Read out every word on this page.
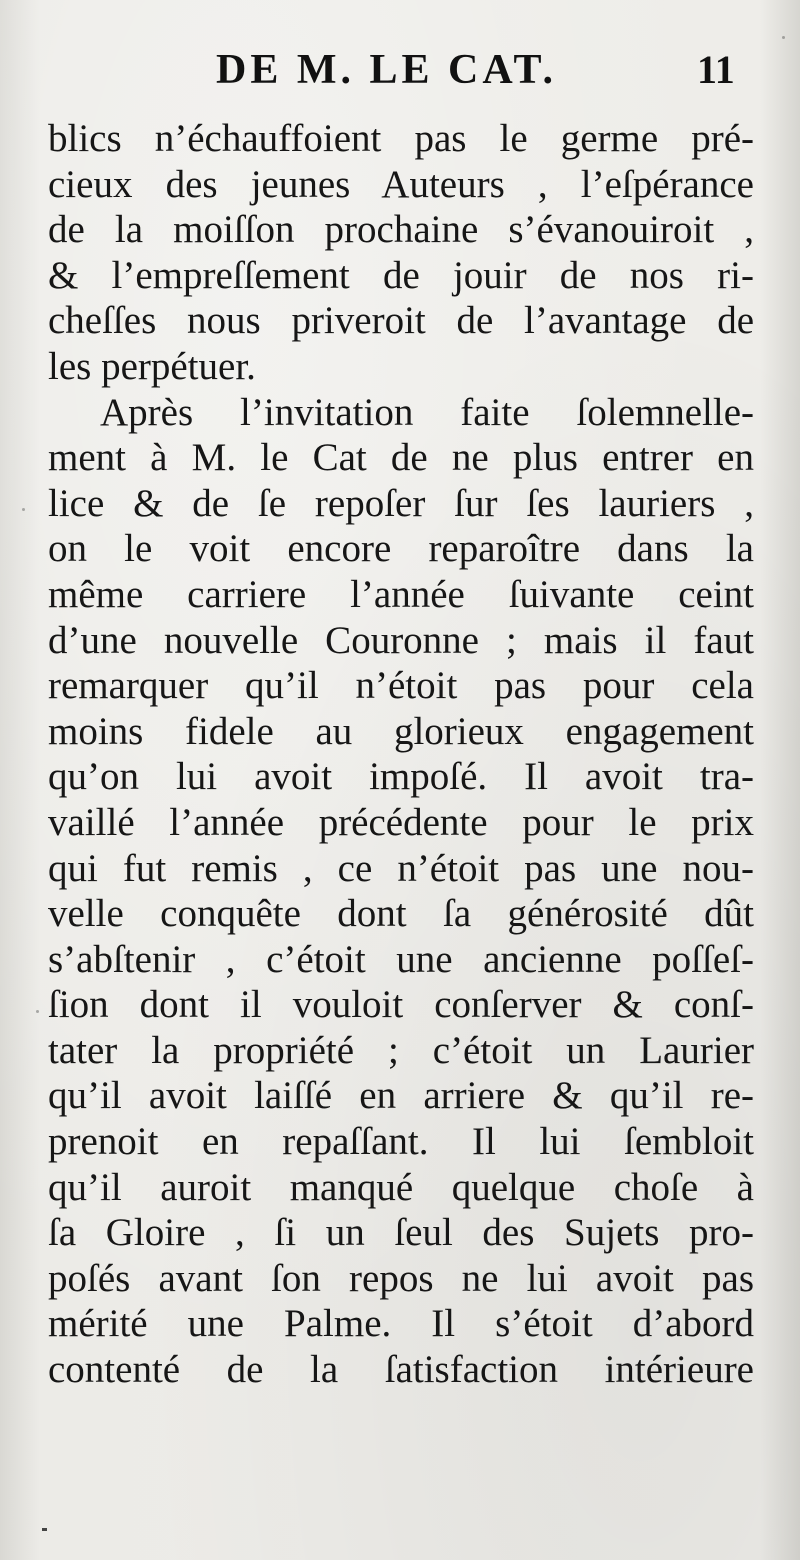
DE M. LE CAT.	11
blics n’échauffoient pas le germe pré-
cieux des jeunes Auteurs , l’eſpérance
de la moiſſon prochaine s’évanouiroit ,
& l’empreſſement de jouir de nos ri-
cheſſes nous priveroit de l’avantage de
les perpétuer.
Après l’invitation faite ſolemnelle-
ment à M. le Cat de ne plus entrer en
lice & de ſe repoſer ſur ſes lauriers ,
on le voit encore reparoître dans la
même carriere l’année ſuivante ceint
d’une nouvelle Couronne ; mais il faut
remarquer qu’il n’étoit pas pour cela
moins fidele au glorieux engagement
qu’on lui avoit impoſé. Il avoit tra-
vaillé l’année précédente pour le prix
qui fut remis , ce n’étoit pas une nou-
velle conquête dont ſa générosité dût
s’abſtenir , c’étoit une ancienne poſſeſ-
ſion dont il vouloit conſerver & conſ-
tater la propriété ; c’étoit un Laurier
qu’il avoit laiſſé en arriere & qu’il re-
prenoit en repaſſant. Il lui ſembloit
qu’il auroit manqué quelque choſe à
ſa Gloire , ſi un ſeul des Sujets pro-
poſés avant ſon repos ne lui avoit pas
mérité une Palme. Il s’étoit d’abord
contenté de la ſatisfaction intérieure
